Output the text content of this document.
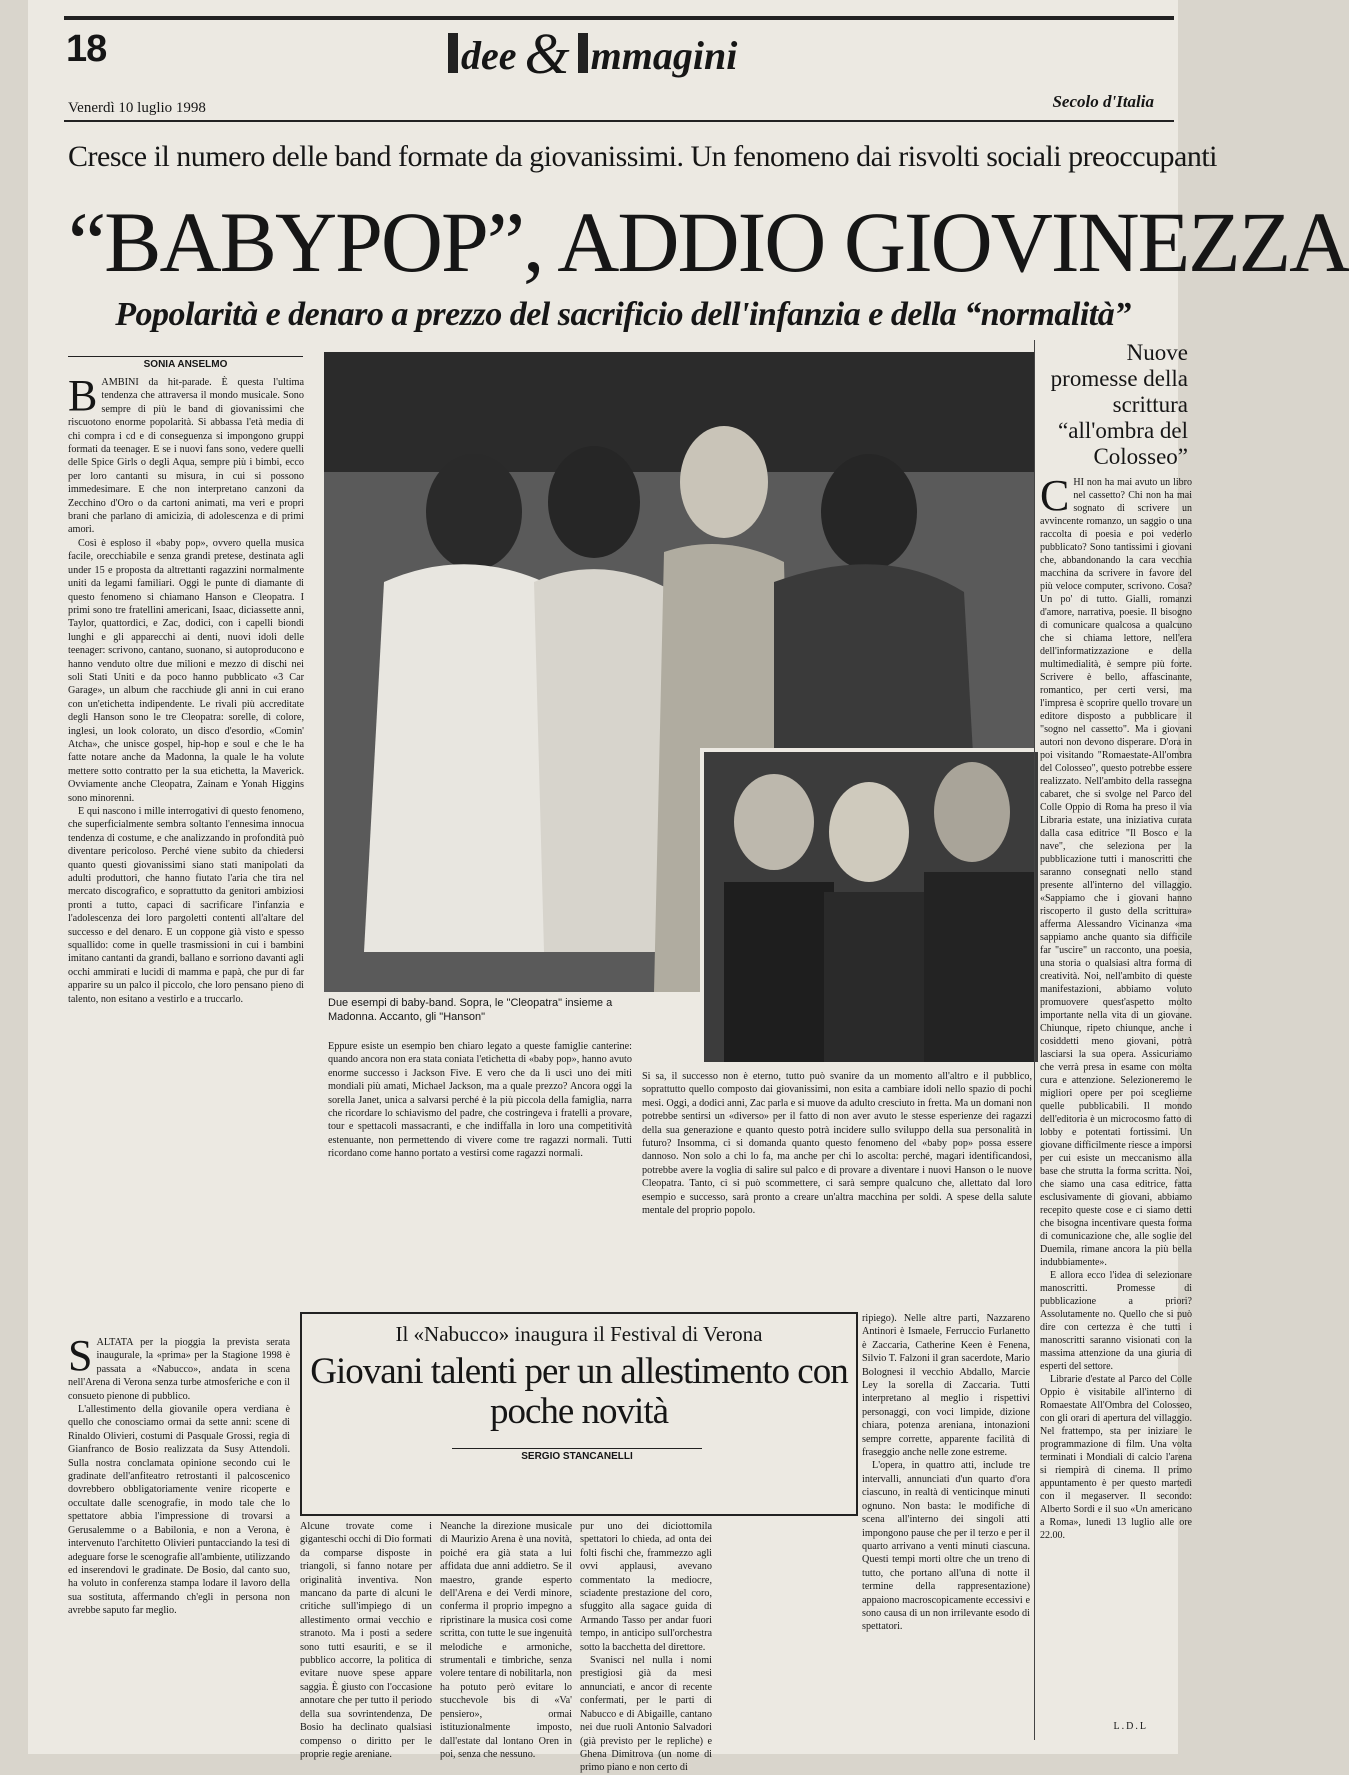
18	dee & mmagini
Venerdì 10 luglio 1998	Secolo d'Italia
Cresce il numero delle band formate da giovanissimi. Un fenomeno dai risvolti sociali preoccupanti
“BABYPOP”, ADDIO GIOVINEZZA
Popolarità e denaro a prezzo del sacrificio dell'infanzia e della “normalità”
SONIA ANSELMO

BAMBINI da hit-parade. È questa l'ultima tendenza che attraversa il mondo musicale. Sono sempre di più le band di giovanissimi che riscuotono enorme popolarità. Si abbassa l'età media di chi compra i cd e di conseguenza si impongono gruppi formati da teenager. E se i nuovi fans sono, vedere quelli delle Spice Girls o degli Aqua, sempre più i bimbi, ecco per loro cantanti su misura, in cui si possono immedesimare. E che non interpretano canzoni da Zecchino d'Oro o da cartoni animati, ma veri e propri brani che parlano di amicizia, di adolescenza e di primi amori.

Così è esploso il «baby pop», ovvero quella musica facile, orecchiabile e senza grandi pretese, destinata agli under 15 e proposta da altrettanti ragazzini normalmente uniti da legami familiari. Oggi le punte di diamante di questo fenomeno si chiamano Hanson e Cleopatra. I primi sono tre fratellini americani, Isaac, diciassette anni, Taylor, quattordici, e Zac, dodici, con i capelli biondi lunghi e gli apparecchi ai denti, nuovi idoli delle teenager: scrivono, cantano, suonano, si autoproducono e hanno venduto oltre due milioni e mezzo di dischi nei soli Stati Uniti e da poco hanno pubblicato «3 Car Garage», un album che racchiude gli anni in cui erano con un'etichetta indipendente. Le rivali più accreditate degli Hanson sono le tre Cleopatra: sorelle, di colore, inglesi, un look colorato, un disco d'esordio, «Comin' Atcha», che unisce gospel, hip-hop e soul e che le ha fatte notare anche da Madonna, la quale le ha volute mettere sotto contratto per la sua etichetta, la Maverick. Ovviamente anche Cleopatra, Zainam e Yonah Higgins sono minorenni.

E qui nascono i mille interrogativi di questo fenomeno, che superficialmente sembra soltanto l'ennesima innocua tendenza di costume, e che analizzando in profondità può diventare pericoloso. Perché viene subito da chiedersi quanto questi giovanissimi siano stati manipolati da adulti produttori, che hanno fiutato l'aria che tira nel mercato discografico, e soprattutto da genitori ambiziosi pronti a tutto, capaci di sacrificare l'infanzia e l'adolescenza dei loro pargoletti contenti all'altare del successo e del denaro. E un coppone già visto e spesso squallido: come in quelle trasmissioni in cui i bambini imitano cantanti da grandi, ballano e sorriono davanti agli occhi ammirati e lucidi di mamma e papà, che pur di far apparire su un palco il piccolo, che loro pensano pieno di talento, non esitano a vestirlo e a truccarlo.	Due esempi di baby-band. Sopra, le "Cleopatra" insieme a Madonna. Accanto, gli "Hanson"

Eppure esiste un esempio ben chiaro legato a queste famiglie canterine: quando ancora non era stata coniata l'etichetta di «baby pop», hanno avuto enorme successo i Jackson Five. E vero che da lì uscì uno dei miti mondiali più amati, Michael Jackson, ma a quale prezzo? Ancora oggi la sorella Janet, unica a salvarsi perché è la più piccola della famiglia, narra che ricordare lo schiavismo del padre, che costringeva i fratelli a provare, tour e spettacoli massacranti, e che indiffalla in loro una competitività estenuante, non permettendo di vivere come tre ragazzi normali. Tutti ricordano come hanno portato a vestirsi come ragazzi normali.

Si sa, il successo non è eterno, tutto può svanire da un momento all'altro e il pubblico, soprattutto quello composto dai giovanissimi, non esita a cambiare idoli nello spazio di pochi mesi. Oggi, a dodici anni, Zac parla e si muove da adulto cresciuto in fretta. Ma un domani non potrebbe sentirsi un «diverso» per il fatto di non aver avuto le stesse esperienze dei ragazzi della sua generazione e quanto questo potrà incidere sullo sviluppo della sua personalità in futuro? Insomma, ci si domanda quanto questo fenomeno del «baby pop» possa essere dannoso. Non solo a chi lo fa, ma anche per chi lo ascolta: perché, magari identificandosi, potrebbe avere la voglia di salire sul palco e di provare a diventare i nuovi Hanson o le nuove Cleopatra. Tanto, ci si può scommettere, ci sarà sempre qualcuno che, allettato dal loro esempio e successo, sarà pronto a creare un'altra macchina per soldi. A spese della salute mentale del proprio popolo.

Nuove promesse della scrittura “all'ombra del Colosseo”

CHI non ha mai avuto un libro nel cassetto? Chi non ha mai sognato di scrivere un avvincente romanzo, un saggio o una raccolta di poesia e poi vederlo pubblicato? Sono tantissimi i giovani che, abbandonando la cara vecchia macchina da scrivere in favore del più veloce computer, scrivono. Cosa? Un po' di tutto. Gialli, romanzi d'amore, narrativa, poesie. Il bisogno di comunicare qualcosa a qualcuno che si chiama lettore, nell'era dell'informatizzazione e della multimedialità, è sempre più forte. Scrivere è bello, affascinante, romantico, per certi versi, ma l'impresa è scoprire quello trovare un editore disposto a pubblicare il "sogno nel cassetto". Ma i giovani autori non devono disperare. D'ora in poi visitando "Romaestate-All'ombra del Colosseo", questo potrebbe essere realizzato. Nell'ambito della rassegna cabaret, che si svolge nel Parco del Colle Oppio di Roma ha preso il via Libraria estate, una iniziativa curata dalla casa editrice "Il Bosco e la nave", che seleziona per la pubblicazione tutti i manoscritti che saranno consegnati nello stand presente all'interno del villaggio. «Sappiamo che i giovani hanno riscoperto il gusto della scrittura» afferma Alessandro Vicinanza «ma sappiamo anche quanto sia difficile far "uscire" un racconto, una poesia, una storia o qualsiasi altra forma di creatività. Noi, nell'ambito di queste manifestazioni, abbiamo voluto promuovere quest'aspetto molto importante nella vita di un giovane. Chiunque, ripeto chiunque, anche i cosiddetti meno giovani, potrà lasciarsi la sua opera. Assicuriamo che verrà presa in esame con molta cura e attenzione. Selezioneremo le migliori opere per poi sceglierne quelle pubblicabili. Il mondo dell'editoria è un microcosmo fatto di lobby e potentati fortissimi. Un giovane difficilmente riesce a imporsi per cui esiste un meccanismo alla base che strutta la forma scritta. Noi, che siamo una casa editrice, fatta esclusivamente di giovani, abbiamo recepito queste cose e ci siamo detti che bisogna incentivare questa forma di comunicazione che, alle soglie del Duemila, rimane ancora la più bella indubbiamente».

E allora ecco l'idea di selezionare manoscritti. Promesse di pubblicazione a priori? Assolutamente no. Quello che si può dire con certezza è che tutti i manoscritti saranno visionati con la massima attenzione da una giuria di esperti del settore.

Librarie d'estate al Parco del Colle Oppio è visitabile all'interno di Romaestate All'Ombra del Colosseo, con gli orari di apertura del villaggio. Nel frattempo, sta per iniziare le programmazione di film. Una volta terminati i Mondiali di calcio l'arena si riempirà di cinema. Il primo appuntamento è per questo martedì con il megaserver. Il secondo: Alberto Sordi e il suo «Un americano a Roma», lunedì 13 luglio alle ore 22.00.

Il «Nabucco» inaugura il Festival di Verona
Giovani talenti per un allestimento con poche novità
SERGIO STANCANELLI

SALTATA per la pioggia la prevista serata inaugurale, la «prima» per la Stagione 1998 è passata a «Nabucco», andata in scena nell'Arena di Verona senza turbe atmosferiche e con il consueto pienone di pubblico.

L'allestimento della giovanile opera verdiana è quello che conosciamo ormai da sette anni: scene di Rinaldo Olivieri, costumi di Pasquale Grossi, regia di Gianfranco de Bosio realizzata da Susy Attendoli. Sulla nostra conclamata opinione secondo cui le gradinate dell'anfiteatro retrostanti il palcoscenico dovrebbero obbligatoriamente venire ricoperte e occultate dalle scenografie, in modo tale che lo spettatore abbia l'impressione di trovarsi a Gerusalemme o a Babilonia, e non a Verona, è intervenuto l'architetto Olivieri puntacciando la tesi di adeguare forse le scenografie all'ambiente, utilizzando ed inserendovi le gradinate. De Bosio, dal canto suo, ha voluto in conferenza stampa lodare il lavoro della sua sostituta, affermando ch'egli in persona non avrebbe saputo far meglio.

Alcune trovate come i giganteschi occhi di Dio formati da comparse disposte in triangoli, si fanno notare per originalità inventiva. Non mancano da parte di alcuni le critiche sull'impiego di un allestimento ormai vecchio e stranoto. Ma i posti a sedere sono tutti esauriti, e se il pubblico accorre, la politica di evitare nuove spese appare saggia. È giusto con l'occasione annotare che per tutto il periodo della sua sovrintendenza, De Bosio ha declinato qualsiasi compenso o diritto per le proprie regie areniane.

Neanche la direzione musicale di Maurizio Arena è una novità, poiché era già stata a lui affidata due anni addietro. Se il maestro, grande esperto dell'Arena e dei Verdi minore, conferma il proprio impegno a ripristinare la musica così come scritta, con tutte le sue ingenuità melodiche e armoniche, strumentali e timbriche, senza volere tentare di nobilitarla, non ha potuto però evitare lo stucchevole bis di «Va' pensiero», ormai istituzionalmente imposto, dall'estate dal lontano Oren in poi, senza che nessuno.

pur uno dei diciottomila spettatori lo chieda, ad onta dei folti fischi che, frammezzo agli ovvi applausi, avevano commentato la mediocre, sciadente prestazione del coro, sfuggito alla sagace guida di Armando Tasso per andar fuori tempo, in anticipo sull'orchestra sotto la bacchetta del direttore.

Svanisci nel nulla i nomi prestigiosi già da mesi annunciati, e ancor di recente confermati, per le parti di Nabucco e di Abigaille, cantano nei due ruoli Antonio Salvadori (già previsto per le repliche) e Ghena Dimitrova (un nome di primo piano e non certo di

ripiego). Nelle altre parti, Nazzareno Antinori è Ismaele, Ferruccio Furlanetto è Zaccaria, Catherine Keen è Fenena, Silvio T. Falzoni il gran sacerdote, Mario Bolognesi il vecchio Abdallo, Marcie Ley la sorella di Zaccaria. Tutti interpretano al meglio i rispettivi personaggi, con voci limpide, dizione chiara, potenza areniana, intonazioni sempre corrette, apparente facilità di fraseggio anche nelle zone estreme.

L'opera, in quattro atti, include tre intervalli, annunciati d'un quarto d'ora ciascuno, in realtà di venticinque minuti ognuno. Non basta: le modifiche di scena all'interno dei singoli atti impongono pause che per il terzo e per il quarto arrivano a venti minuti ciascuna. Questi tempi morti oltre che un treno di tutto, che portano all'una di notte il termine della rappresentazione) appaiono macroscopicamente eccessivi e sono causa di un non irrilevante esodo di spettatori.

L.D.L
